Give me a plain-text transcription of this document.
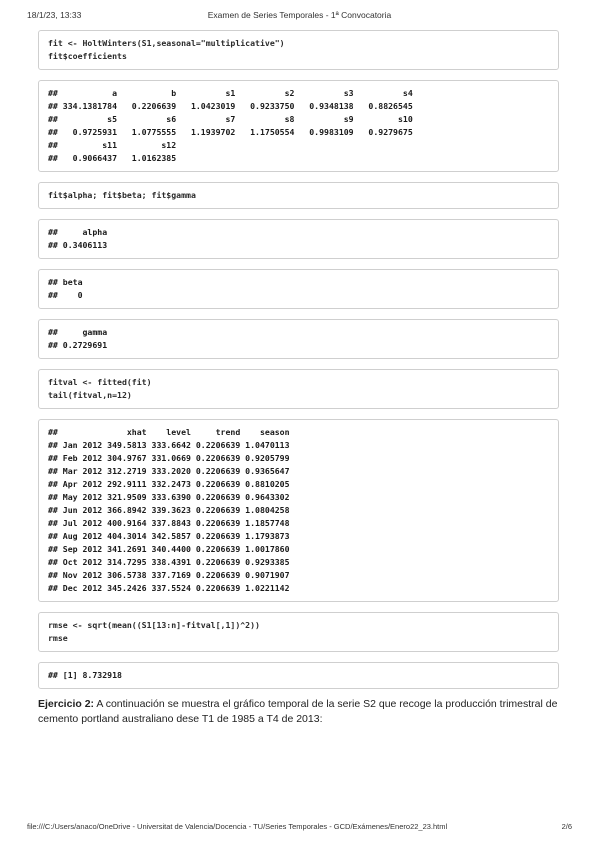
18/1/23, 13:33	Examen de Series Temporales - 1ª Convocatoria
fit <- HoltWinters(S1,seasonal="multiplicative")
fit$coefficients
##           a           b          s1          s2          s3          s4
## 334.1381784   0.2206639   1.0423019   0.9233750   0.9348138   0.8826545
##          s5          s6          s7          s8          s9         s10
##   0.9725931   1.0775555   1.1939702   1.1750554   0.9983109   0.9279675
##         s11         s12
##   0.9066437   1.0162385
fit$alpha; fit$beta; fit$gamma
##     alpha
## 0.3406113
## beta
##    0
##     gamma
## 0.2729691
fitval <- fitted(fit)
tail(fitval,n=12)
##              xhat    level     trend    season
## Jan 2012 349.5813 333.6642 0.2206639 1.0470113
## Feb 2012 304.9767 331.0669 0.2206639 0.9205799
## Mar 2012 312.2719 333.2020 0.2206639 0.9365647
## Apr 2012 292.9111 332.2473 0.2206639 0.8810205
## May 2012 321.9509 333.6390 0.2206639 0.9643302
## Jun 2012 366.8942 339.3623 0.2206639 1.0804258
## Jul 2012 400.9164 337.8843 0.2206639 1.1857748
## Aug 2012 404.3014 342.5857 0.2206639 1.1793873
## Sep 2012 341.2691 340.4400 0.2206639 1.0017860
## Oct 2012 314.7295 338.4391 0.2206639 0.9293385
## Nov 2012 306.5738 337.7169 0.2206639 0.9071907
## Dec 2012 345.2426 337.5524 0.2206639 1.0221142
rmse <- sqrt(mean((S1[13:n]-fitval[,1])^2))
rmse
## [1] 8.732918
Ejercicio 2: A continuación se muestra el gráfico temporal de la serie S2 que recoge la producción trimestral de cemento portland australiano dese T1 de 1985 a T4 de 2013:
file:///C:/Users/anaco/OneDrive - Universitat de Valencia/Docencia - TU/Series Temporales - GCD/Exámenes/Enero22_23.html	2/6
